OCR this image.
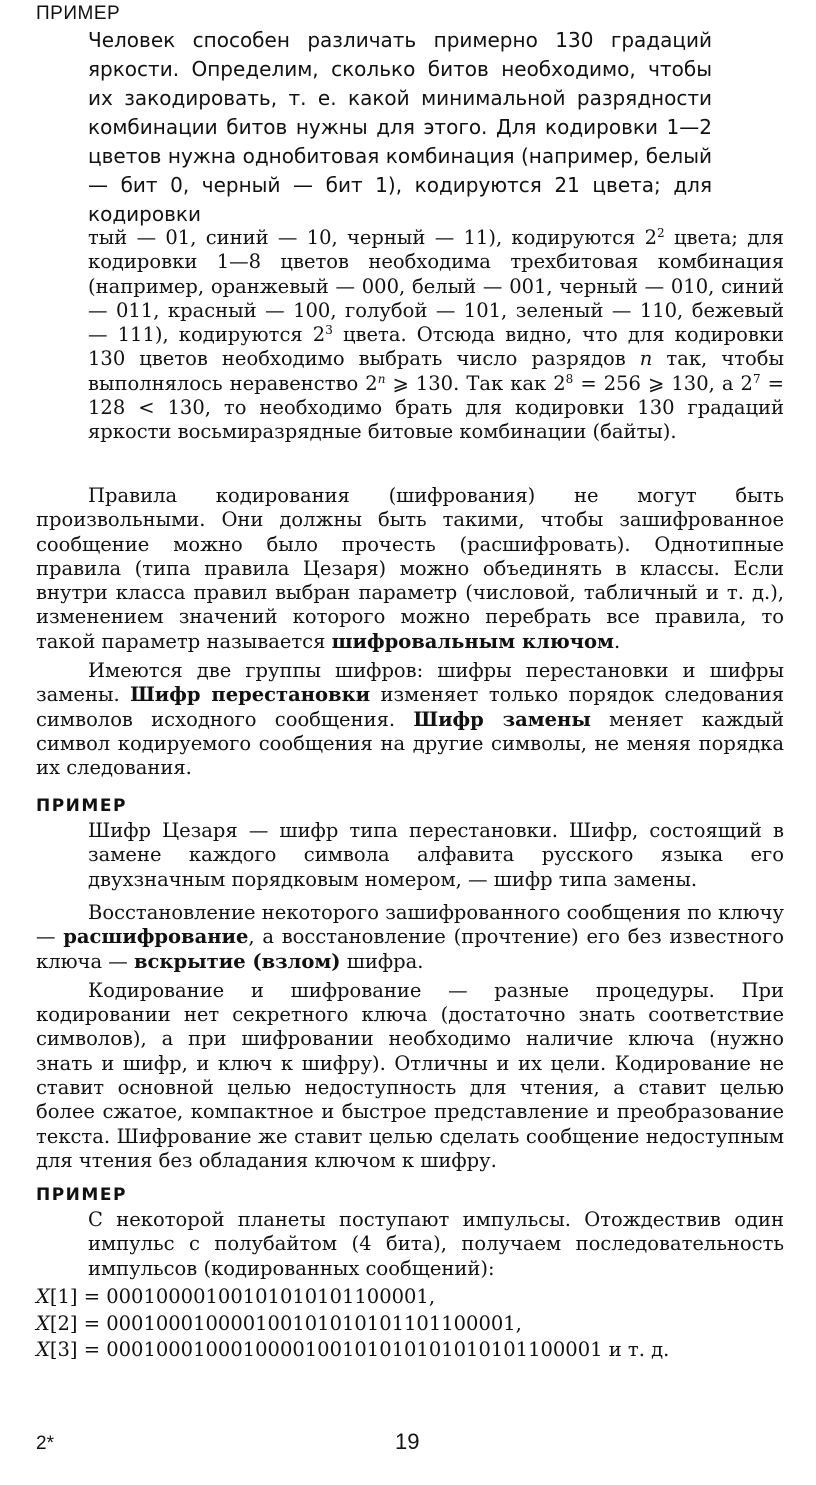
ПРИМЕР

Человек способен различать примерно 130 градаций яркости. Определим, сколько битов необходимо, чтобы их закодировать, т. е. какой минимальной разрядности комбинации битов нужны для этого. Для кодировки 1—2 цветов нужна однобитовая комбинация (например, белый — бит 0, черный — бит 1), кодируются 21 цвета; для кодировки

тый — 01, синий — 10, черный — 11), кодируются $2^2$ цвета; для кодировки 1—8 цветов необходима трехбитовая комбинация (например, оранжевый — 000, белый — 001, черный — 010, синий — 011, красный — 100, голубой — 101, зеленый — 110, бежевый — 111), кодируются $2^3$ цвета. Отсюда видно, что для кодировки 130 цветов необходимо выбрать число разрядов n так, чтобы выполнялось неравенство 2$^n$ ⩾ 130. Так как $2^8 = 256$ ⩾ 130, а $2^7 = 128 < 130$, то необходимо брать для кодировки 130 градаций яркости восьмиразрядные битовые комбинации (байты).

Правила кодирования (шифрования) не могут быть произвольными. Они должны быть такими, чтобы зашифрованное сообщение можно было прочесть (расшифровать). Однотипные правила (типа правила Цезаря) можно объединять в классы. Если внутри класса правил выбран параметр (числовой, табличный и т. д.), изменением значений которого можно перебрать все правила, то такой параметр называется шифровальным ключом.

Имеются две группы шифров: шифры перестановки и шифры замены. Шифр перестановки изменяет только порядок следования символов исходного сообщения. Шифр замены меняет каждый символ кодируемого сообщения на другие символы, не меняя порядка их следования.

ПРИМЕР

Шифр Цезаря — шифр типа перестановки. Шифр, состоящий в замене каждого символа алфавита русского языка его двухзначным порядковым номером, — шифр типа замены.

Восстановление некоторого зашифрованного сообщения по ключу — расшифрование, а восстановление (прочтение) его без известного ключа — вскрытие (взлом) шифра.

Кодирование и шифрование — разные процедуры. При кодировании нет секретного ключа (достаточно знать соответствие символов), а при шифровании необходимо наличие ключа (нужно знать и шифр, и ключ к шифру). Отличны и их цели. Кодирование не ставит основной целью недоступность для чтения, а ставит целью более сжатое, компактное и быстрое представление и преобразование текста. Шифрование же ставит целью сделать сообщение недоступным для чтения без обладания ключом к шифру.

ПРИМЕР

С некоторой планеты поступают импульсы. Отождествив один импульс с полубайтом (4 бита), получаем последовательность импульсов (кодированных сообщений):

X[1] = 00010000100101010101100001,
X[2] = 000100010000100101010101101100001,
X[3] = 0001000100010000100101010101010101100001 и т. д.
2*	19
